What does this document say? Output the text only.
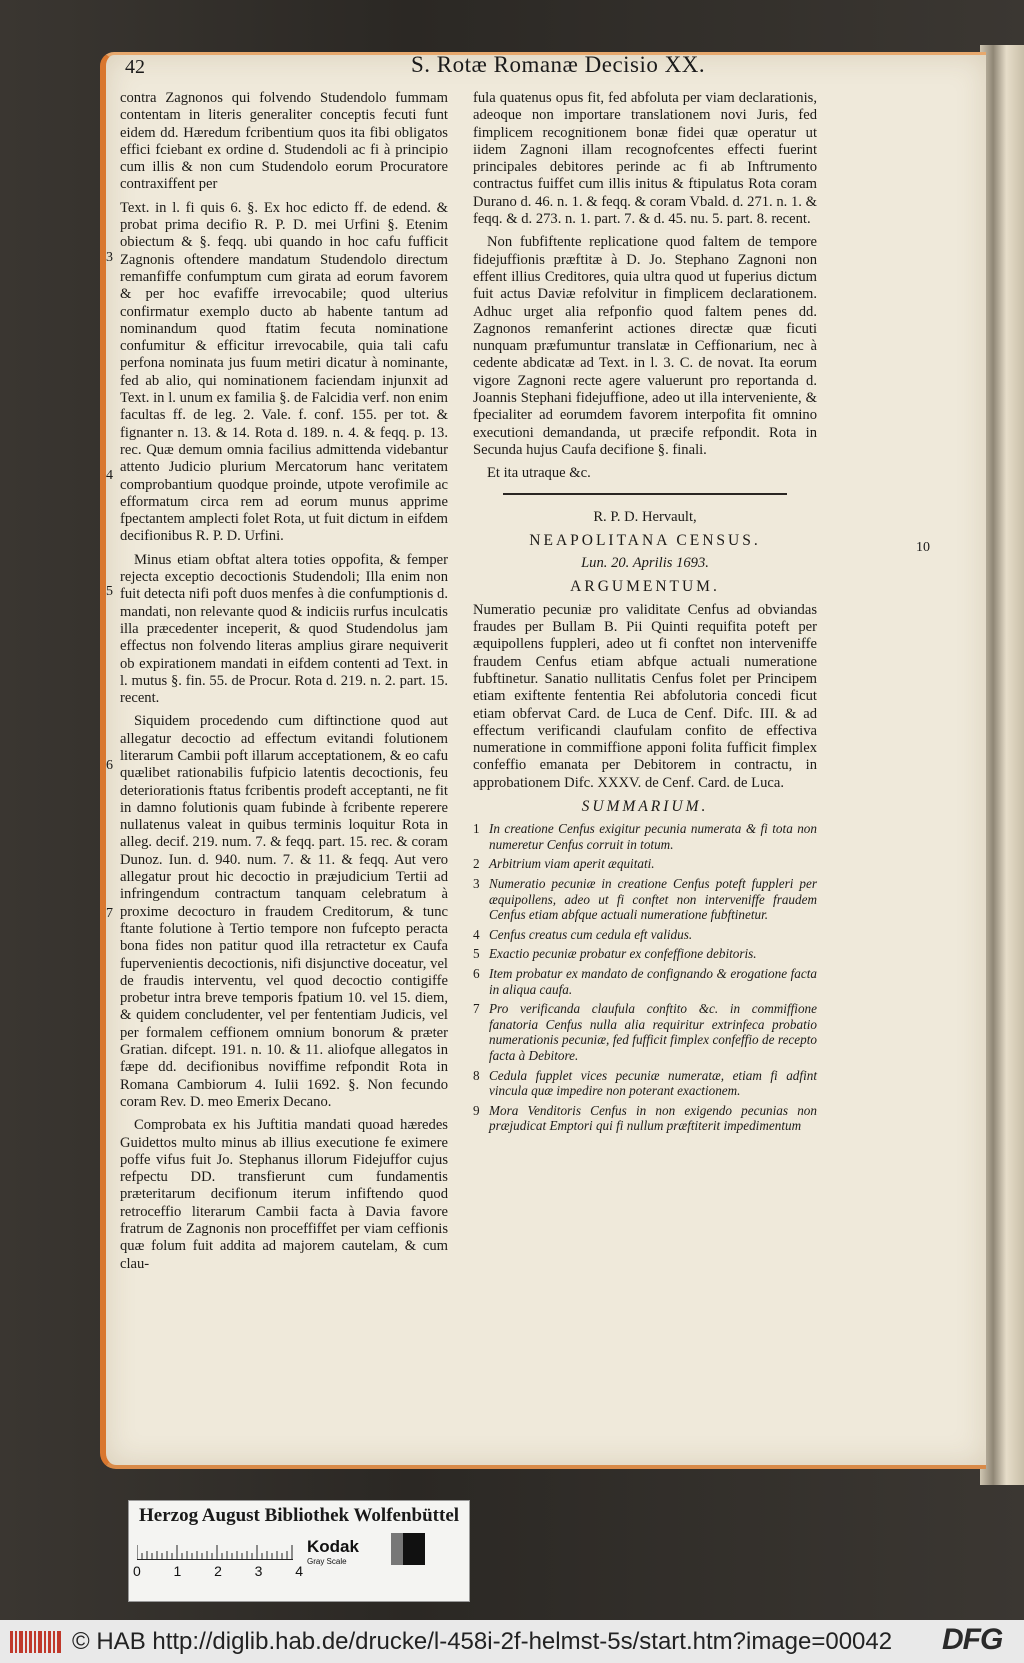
42	S. Rotæ Romanæ Decisio XX.

contra Zagnonos qui folvendo Studendolo fummam contentam in literis generaliter conceptis fecuti funt eidem dd. Hæredum fcribentium quos ita fibi obligatos effici fciebant ex ordine d. Studendoli ac fi à principio cum illis & non cum Studendolo eorum Procuratore contraxiffent per

Text. in l. fi quis 6. §. Ex hoc edicto ff. de edend. & probat prima decifio R. P. D. mei Urfini §. Etenim obiectum & §. feqq. ubi quando in hoc cafu fufficit Zagnonis oftendere mandatum Studendolo directum remanfiffe confumptum cum girata ad eorum favorem & per hoc evafiffe irrevocabile; quod ulterius confirmatur exemplo ducto ab habente tantum ad nominandum quod ftatim fecuta nominatione confumitur & efficitur irrevocabile, quia tali cafu perfona nominata jus fuum metiri dicatur à nominante, fed ab alio, qui nominationem faciendam injunxit ad Text. in l. unum ex familia §. de Falcidia verf. non enim facultas ff. de leg. 2. Vale. f. conf. 155. per tot. & fignanter n. 13. & 14. Rota d. 189. n. 4. & feqq. p. 13. rec. Quæ demum omnia facilius admittenda videbantur attento Judicio plurium Mercatorum hanc veritatem comprobantium quodque proinde, utpote verofimile ac efformatum circa rem ad eorum munus apprime fpectantem amplecti folet Rota, ut fuit dictum in eifdem decifionibus R. P. D. Urfini.

Minus etiam obftat altera toties oppofita, & femper rejecta exceptio decoctionis Studendoli; Illa enim non fuit detecta nifi poft duos menfes à die confumptionis d. mandati, non relevante quod & indiciis rurfus inculcatis illa præcedenter inceperit, & quod Studendolus jam effectus non folvendo literas amplius girare nequiverit ob expirationem mandati in eifdem contenti ad Text. in l. mutus §. fin. 55. de Procur. Rota d. 219. n. 2. part. 15. recent.

Siquidem procedendo cum diftinctione quod aut allegatur decoctio ad effectum evitandi folutionem literarum Cambii poft illarum acceptationem, & eo cafu quælibet rationabilis fufpicio latentis decoctionis, feu deteriorationis ftatus fcribentis prodeft acceptanti, ne fit in damno folutionis quam fubinde à fcribente reperere nullatenus valeat in quibus terminis loquitur Rota in alleg. decif. 219. num. 7. & feqq. part. 15. rec. & coram Dunoz. Iun. d. 940. num. 7. & 11. & feqq. Aut vero allegatur prout hic decoctio in præjudicium Tertii ad infringendum contractum tanquam celebratum à proxime decocturo in fraudem Creditorum, & tunc ftante folutione à Tertio tempore non fufcepto peracta bona fides non patitur quod illa retractetur ex Caufa fupervenientis decoctionis, nifi disjunctive doceatur, vel de fraudis interventu, vel quod decoctio contigiffe probetur intra breve temporis fpatium 10. vel 15. diem, & quidem concludenter, vel per fententiam Judicis, vel per formalem ceffionem omnium bonorum & præter Gratian. difcept. 191. n. 10. & 11. aliofque allegatos in fæpe dd. decifionibus noviffime refpondit Rota in Romana Cambiorum 4. Iulii 1692. §. Non fecundo coram Rev. D. meo Emerix Decano.

Comprobata ex his Juftitia mandati quoad hæredes Guidettos multo minus ab illius executione fe eximere poffe vifus fuit Jo. Stephanus illorum Fidejuffor cujus refpectu DD. transfierunt cum fundamentis præteritarum decifionum iterum infiftendo quod retroceffio literarum Cambii facta à Davia favore fratrum de Zagnonis non proceffiffet per viam ceffionis quæ folum fuit addita ad majorem cautelam, & cum clau-

3
4
5
6
7

fula quatenus opus fit, fed abfoluta per viam declarationis, adeoque non importare translationem novi Juris, fed fimplicem recognitionem bonæ fidei quæ operatur ut iidem Zagnoni illam recognofcentes effecti fuerint principales debitores perinde ac fi ab Inftrumento contractus fuiffet cum illis initus & ftipulatus Rota coram Durano d. 46. n. 1. & feqq. & coram Vbald. d. 271. n. 1. & feqq. & d. 273. n. 1. part. 7. & d. 45. nu. 5. part. 8. recent.

Non fubfiftente replicatione quod faltem de tempore fidejuffionis præftitæ à D. Jo. Stephano Zagnoni non effent illius Creditores, quia ultra quod ut fuperius dictum fuit actus Daviæ refolvitur in fimplicem declarationem. Adhuc urget alia refponfio quod faltem penes dd. Zagnonos remanferint actiones directæ quæ ficuti nunquam præfumuntur translatæ in Ceffionarium, nec à cedente abdicatæ ad Text. in l. 3. C. de novat. Ita eorum vigore Zagnoni recte agere valuerunt pro reportanda d. Joannis Stephani fidejuffione, adeo ut illa interveniente, & fpecialiter ad eorumdem favorem interpofita fit omnino executioni demandanda, ut præcife refpondit. Rota in Secunda hujus Caufa decifione §. finali.

Et ita utraque &c.

R. P. D. Hervault,

NEAPOLITANA CENSUS.

Lun. 20. Aprilis 1693.

ARGUMENTUM.

Numeratio pecuniæ pro validitate Cenfus ad obviandas fraudes per Bullam B. Pii Quinti requifita poteft per æquipollens fuppleri, adeo ut fi conftet non interveniffe fraudem Cenfus etiam abfque actuali numeratione fubftinetur. Sanatio nullitatis Cenfus folet per Principem etiam exiftente fententia Rei abfolutoria concedi ficut etiam obfervat Card. de Luca de Cenf. Difc. III. & ad effectum verificandi claufulam confito de effectiva numeratione in commiffione apponi folita fufficit fimplex confeffio emanata per Debitorem in contractu, in approbationem Difc. XXXV. de Cenf. Card. de Luca.

SUMMARIUM.

1 In creatione Cenfus exigitur pecunia numerata & fi tota non numeretur Cenfus corruit in totum.
2 Arbitrium viam aperit æquitati.
3 Numeratio pecuniæ in creatione Cenfus poteft fuppleri per æquipollens, adeo ut fi conftet non interveniffe fraudem Cenfus etiam abfque actuali numeratione fubftinetur.
4 Cenfus creatus cum cedula eft validus.
5 Exactio pecuniæ probatur ex confeffione debitoris.
6 Item probatur ex mandato de confignando & erogatione facta in aliqua caufa.
7 Pro verificanda claufula conftito &c. in commiffione fanatoria Cenfus nulla alia requiritur extrinfeca probatio numerationis pecuniæ, fed fufficit fimplex confeffio de recepto facta à Debitore.
8 Cedula fupplet vices pecuniæ numeratæ, etiam fi adfint vincula quæ impedire non poterant exactionem.
9 Mora Venditoris Cenfus in non exigendo pecunias non præjudicat Emptori qui fi nullum præftiterit impedimentum
10
Herzog August Bibliothek Wolfenbüttel
0 1 2 3 4
Kodak
Gray Scale
© HAB http://diglib.hab.de/drucke/l-458i-2f-helmst-5s/start.htm?image=00042 DFG
